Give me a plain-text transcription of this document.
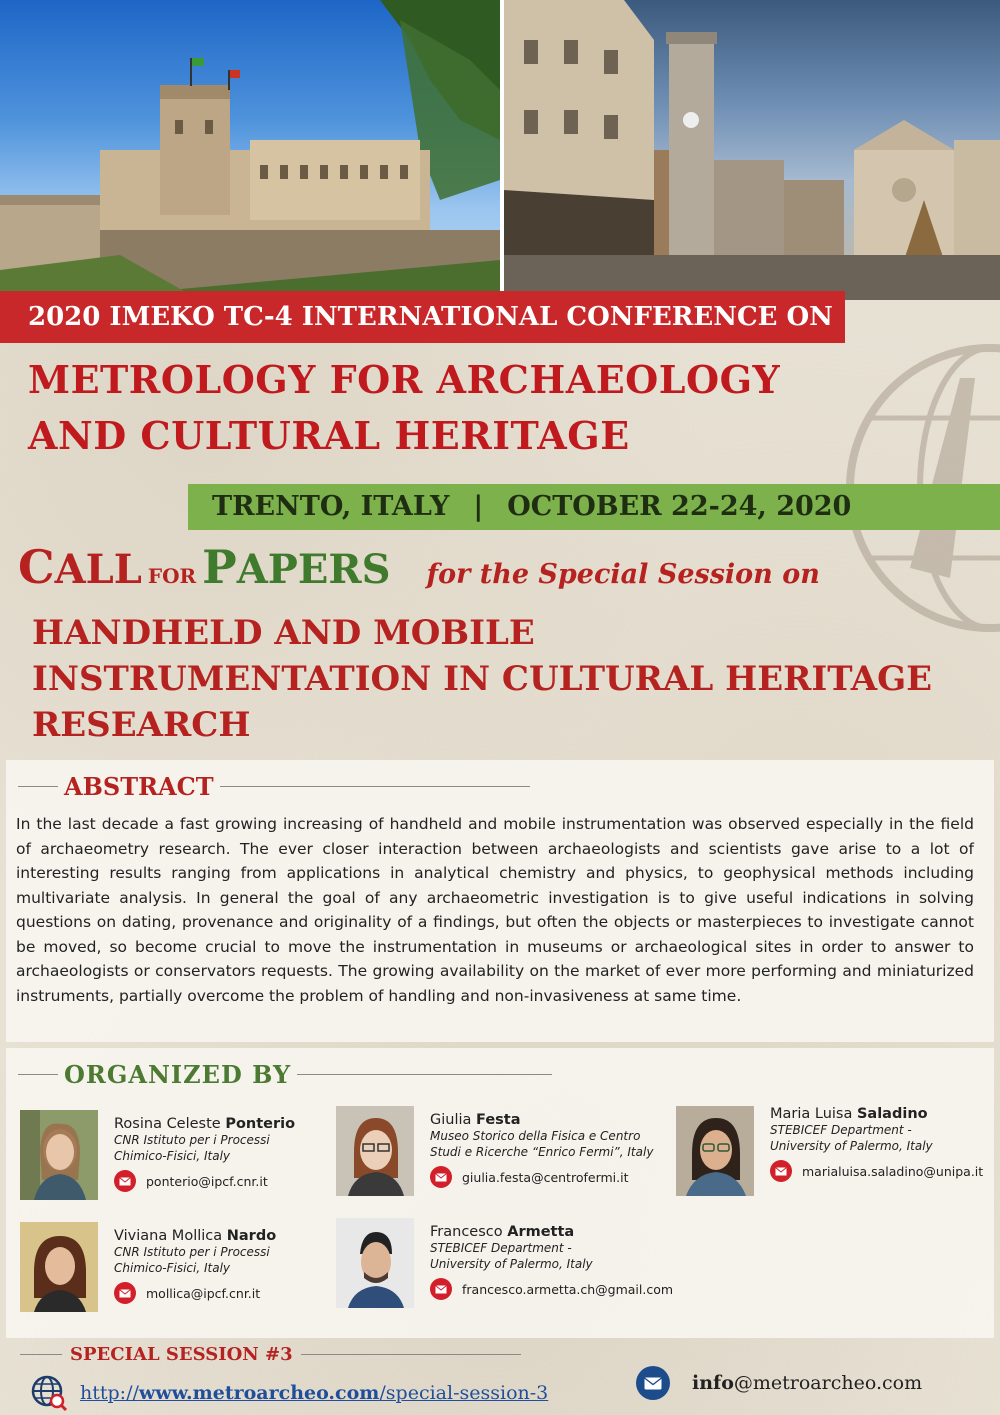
2020 IMEKO TC-4 INTERNATIONAL CONFERENCE ON
METROLOGY FOR ARCHAEOLOGY
AND CULTURAL HERITAGE
TRENTO, ITALY | OCTOBER 22-24, 2020
CALL FOR PAPERS for the Special Session on
HANDHELD AND MOBILE
INSTRUMENTATION IN CULTURAL HERITAGE
RESEARCH
ABSTRACT

In the last decade a fast growing increasing of handheld and mobile instrumentation was observed especially in the field of archaeometry research. The ever closer interaction between archaeologists and scientists gave arise to a lot of interesting results ranging from applications in analytical chemistry and physics, to geophysical methods including multivariate analysis. In general the goal of any archaeometric investigation is to give useful indications in solving questions on dating, provenance and originality of a findings, but often the objects or masterpieces to investigate cannot be moved, so become crucial to move the instrumentation in museums or archaeological sites in order to answer to archaeologists or conservators requests. The growing availability on the market of ever more performing and miniaturized instruments, partially overcome the problem of handling and non-invasiveness at same time.

ORGANIZED BY
Rosina Celeste Ponterio
CNR Istituto per i Processi
Chimico-Fisici, Italy
ponterio@ipcf.cnr.it
Giulia Festa
Museo Storico della Fisica e Centro
Studi e Ricerche “Enrico Fermi”, Italy
giulia.festa@centrofermi.it
Maria Luisa Saladino
STEBICEF Department -
University of Palermo, Italy
marialuisa.saladino@unipa.it
Viviana Mollica Nardo
CNR Istituto per i Processi
Chimico-Fisici, Italy
mollica@ipcf.cnr.it
Francesco Armetta
STEBICEF Department -
University of Palermo, Italy
francesco.armetta.ch@gmail.com
SPECIAL SESSION #3
http://www.metroarcheo.com/special-session-3	info@metroarcheo.com
